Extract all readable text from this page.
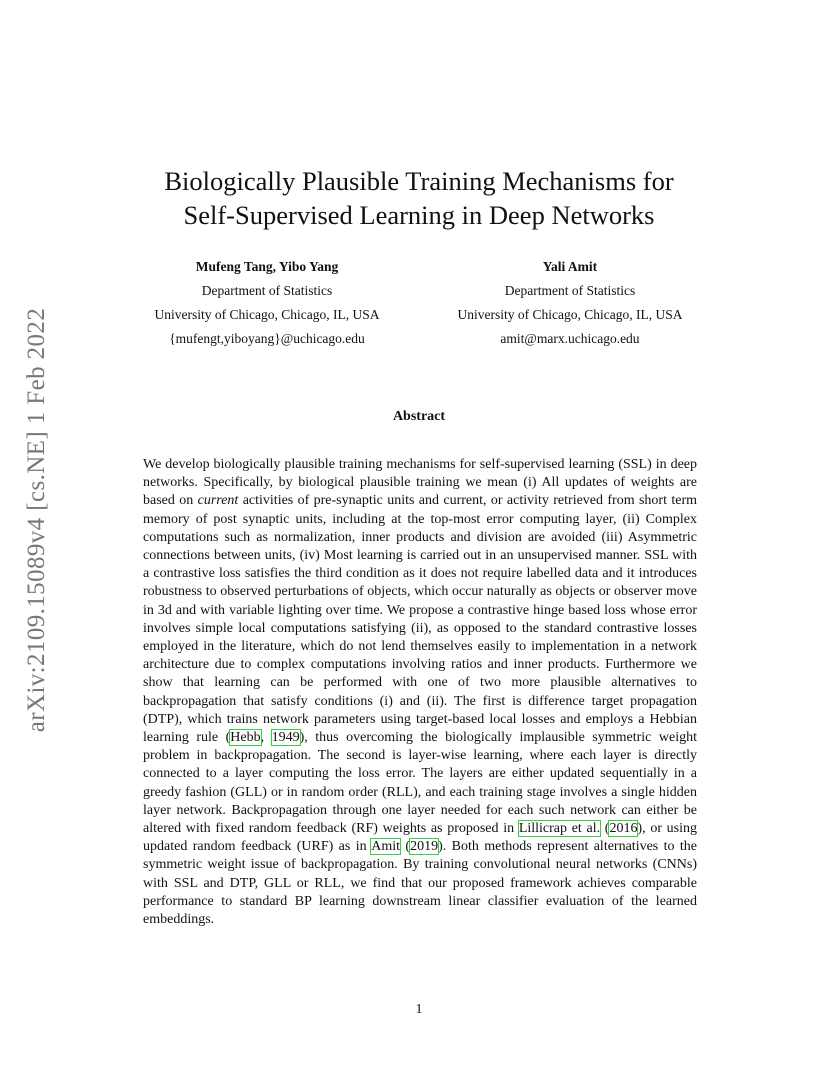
arXiv:2109.15089v4 [cs.NE] 1 Feb 2022
Biologically Plausible Training Mechanisms for
Self-Supervised Learning in Deep Networks
Mufeng Tang, Yibo Yang
Department of Statistics
University of Chicago, Chicago, IL, USA
{mufengt,yiboyang}@uchicago.edu
Yali Amit
Department of Statistics
University of Chicago, Chicago, IL, USA
amit@marx.uchicago.edu
Abstract

We develop biologically plausible training mechanisms for self-supervised learning (SSL) in deep networks. Specifically, by biological plausible training we mean (i) All updates of weights are based on current activities of pre-synaptic units and current, or activity retrieved from short term memory of post synaptic units, including at the top-most error computing layer, (ii) Complex computations such as normalization, inner products and division are avoided (iii) Asymmetric connections between units, (iv) Most learning is carried out in an unsupervised manner. SSL with a contrastive loss satisfies the third condition as it does not require labelled data and it introduces robustness to observed perturbations of objects, which occur naturally as objects or observer move in 3d and with variable lighting over time. We propose a contrastive hinge based loss whose error involves simple local computations satisfying (ii), as opposed to the standard contrastive losses employed in the literature, which do not lend themselves easily to implementation in a network architecture due to complex computations involving ratios and inner products. Furthermore we show that learning can be performed with one of two more plausible alternatives to backpropagation that satisfy conditions (i) and (ii). The first is difference target propagation (DTP), which trains network parameters using target-based local losses and employs a Hebbian learning rule (Hebb, 1949), thus overcoming the biologically implausible symmetric weight problem in backpropagation. The second is layer-wise learning, where each layer is directly connected to a layer computing the loss error. The layers are either updated sequentially in a greedy fashion (GLL) or in random order (RLL), and each training stage involves a single hidden layer network. Backpropagation through one layer needed for each such network can either be altered with fixed random feedback (RF) weights as proposed in Lillicrap et al. (2016), or using updated random feedback (URF) as in Amit (2019). Both methods represent alternatives to the symmetric weight issue of backpropagation. By training convolutional neural networks (CNNs) with SSL and DTP, GLL or RLL, we find that our proposed framework achieves comparable performance to standard BP learning downstream linear classifier evaluation of the learned embeddings.

1
